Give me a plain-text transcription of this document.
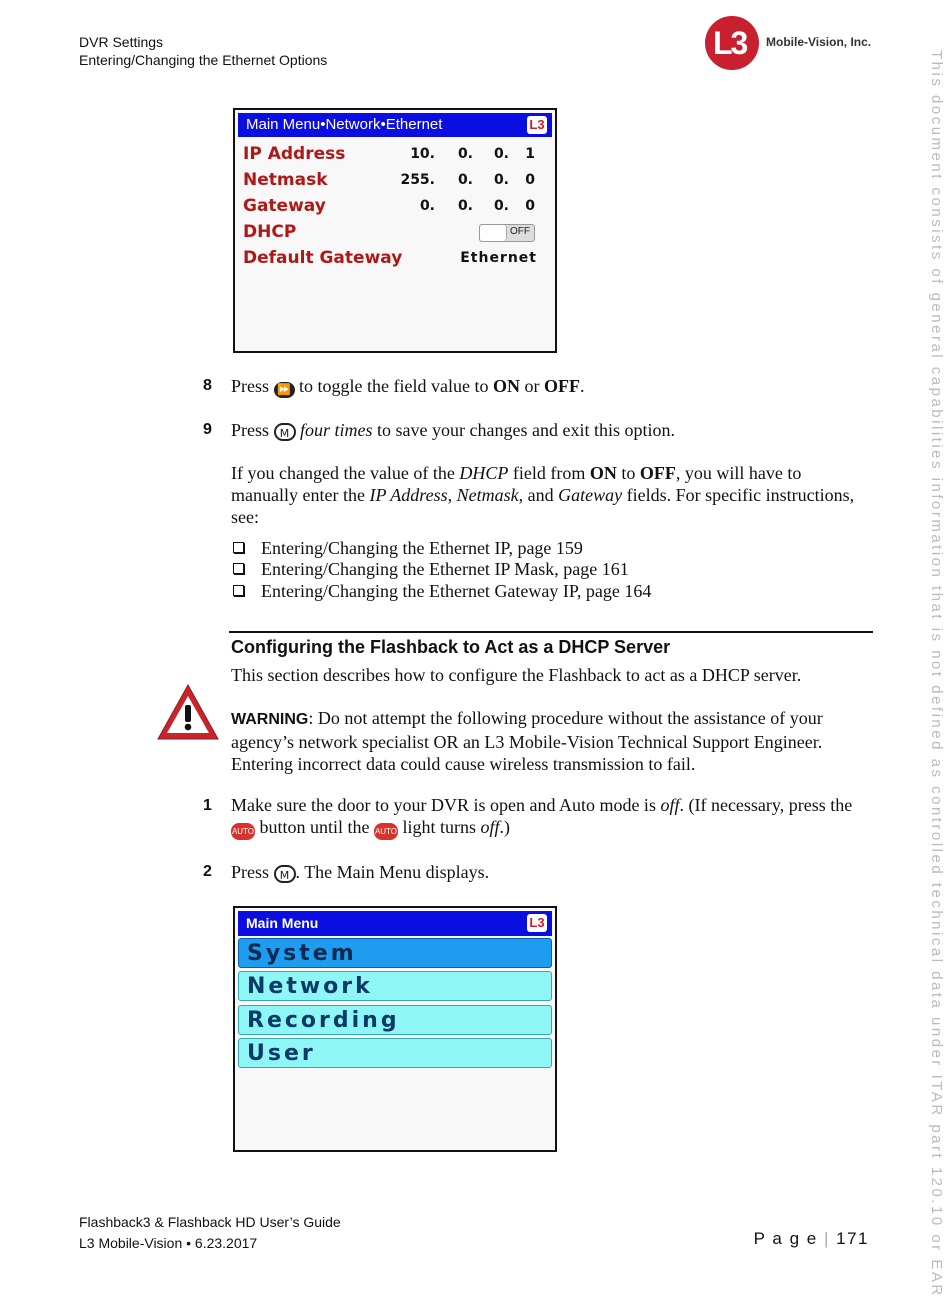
DVR Settings
Entering/Changing the Ethernet Options	L3 Mobile-Vision, Inc.
This document consists of general capabilities information that is not defined as controlled technical data under ITAR part 120.10 or EAR
Main Menu•Network•Ethernet	L3
IP Address	10.	0.	0.	1
Netmask	255.	0.	0.	0
Gateway	0.	0.	0.	0
DHCP	OFF
Default Gateway	Ethernet
8 Press ⏩ to toggle the field value to ON or OFF.
9 Press M four times to save your changes and exit this option.
If you changed the value of the DHCP field from ON to OFF, you will have to manually enter the IP Address, Netmask, and Gateway fields. For specific instructions, see:
Entering/Changing the Ethernet IP, page 159
Entering/Changing the Ethernet IP Mask, page 161
Entering/Changing the Ethernet Gateway IP, page 164
Configuring the Flashback to Act as a DHCP Server
This section describes how to configure the Flashback to act as a DHCP server.
WARNING: Do not attempt the following procedure without the assistance of your agency’s network specialist OR an L3 Mobile-Vision Technical Support Engineer. Entering incorrect data could cause wireless transmission to fail.
1 Make sure the door to your DVR is open and Auto mode is off. (If necessary, press the AUTO button until the AUTO light turns off.)
2 Press M . The Main Menu displays.
Main Menu	L3
System
Network
Recording
User
Flashback3 & Flashback HD User’s Guide
L3 Mobile-Vision • 6.23.2017	P a g e | 171
